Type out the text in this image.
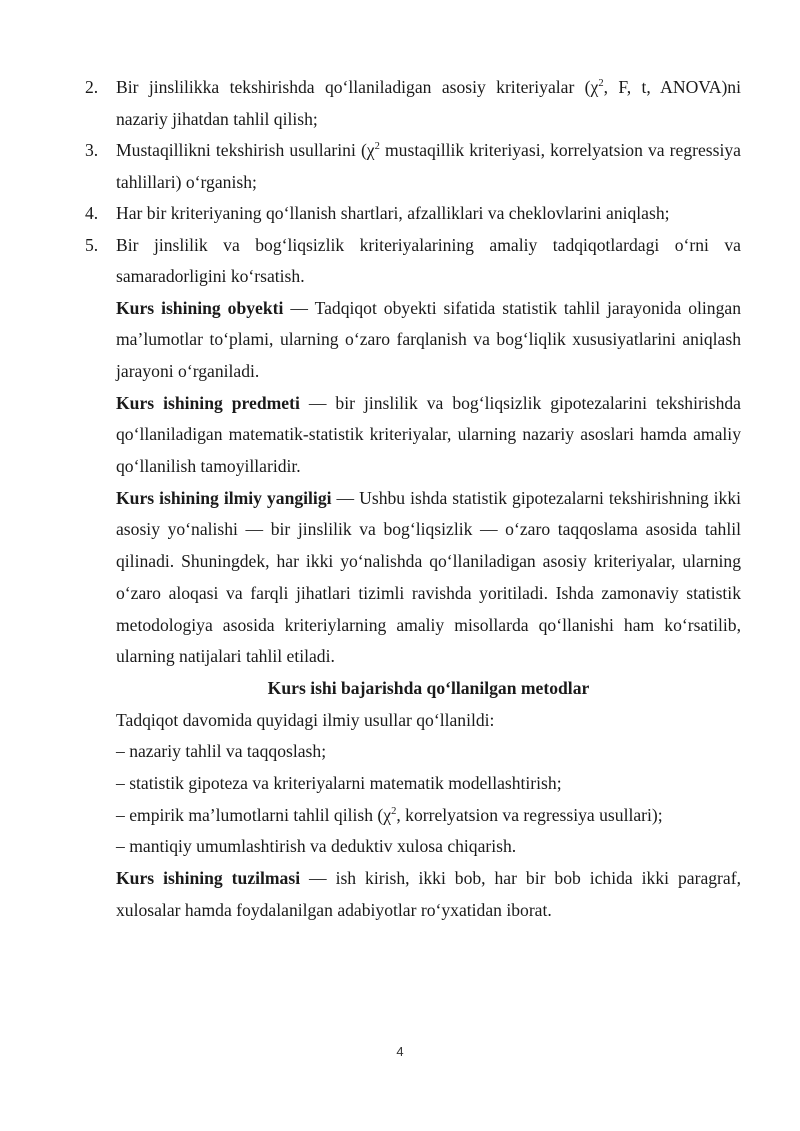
2.	Bir jinslilikka tekshirishda qo‘llaniladigan asosiy kriteriyalar ($\chi^2$, F, t, ANOVA)ni nazariy jihatdan tahlil qilish;
3.	Mustaqillikni tekshirish usullarini ($\chi^2$ mustaqillik kriteriyasi, korrelyatsion va regressiya tahlillari) o‘rganish;
4.	Har bir kriteriyaning qo‘llanish shartlari, afzalliklari va cheklovlarini aniqlash;
5.	Bir jinslilik va bog‘liqsizlik kriteriyalarining amaliy tadqiqotlardagi o‘rni va samaradorligini ko‘rsatish.

Kurs ishining obyekti — Tadqiqot obyekti sifatida statistik tahlil jarayonida olingan ma’lumotlar to‘plami, ularning o‘zaro farqlanish va bog‘liqlik xususiyatlarini aniqlash jarayoni o‘rganiladi.

Kurs ishining predmeti — bir jinslilik va bog‘liqsizlik gipotezalarini tekshirishda qo‘llaniladigan matematik-statistik kriteriyalar, ularning nazariy asoslari hamda amaliy qo‘llanilish tamoyillaridir.

Kurs ishining ilmiy yangiligi — Ushbu ishda statistik gipotezalarni tekshirishning ikki asosiy yo‘nalishi — bir jinslilik va bog‘liqsizlik — o‘zaro taqqoslama asosida tahlil qilinadi. Shuningdek, har ikki yo‘nalishda qo‘llaniladigan asosiy kriteriyalar, ularning o‘zaro aloqasi va farqli jihatlari tizimli ravishda yoritiladi. Ishda zamonaviy statistik metodologiya asosida kriteriylarning amaliy misollarda qo‘llanishi ham ko‘rsatilib, ularning natijalari tahlil etiladi.

Kurs ishi bajarishda qo‘llanilgan metodlar

Tadqiqot davomida quyidagi ilmiy usullar qo‘llanildi:

– nazariy tahlil va taqqoslash;

– statistik gipoteza va kriteriyalarni matematik modellashtirish;

– empirik ma’lumotlarni tahlil qilish ($\chi^2$, korrelyatsion va regressiya usullari);

– mantiqiy umumlashtirish va deduktiv xulosa chiqarish.

Kurs ishining tuzilmasi — ish kirish, ikki bob, har bir bob ichida ikki paragraf, xulosalar hamda foydalanilgan adabiyotlar ro‘yxatidan iborat.

4
